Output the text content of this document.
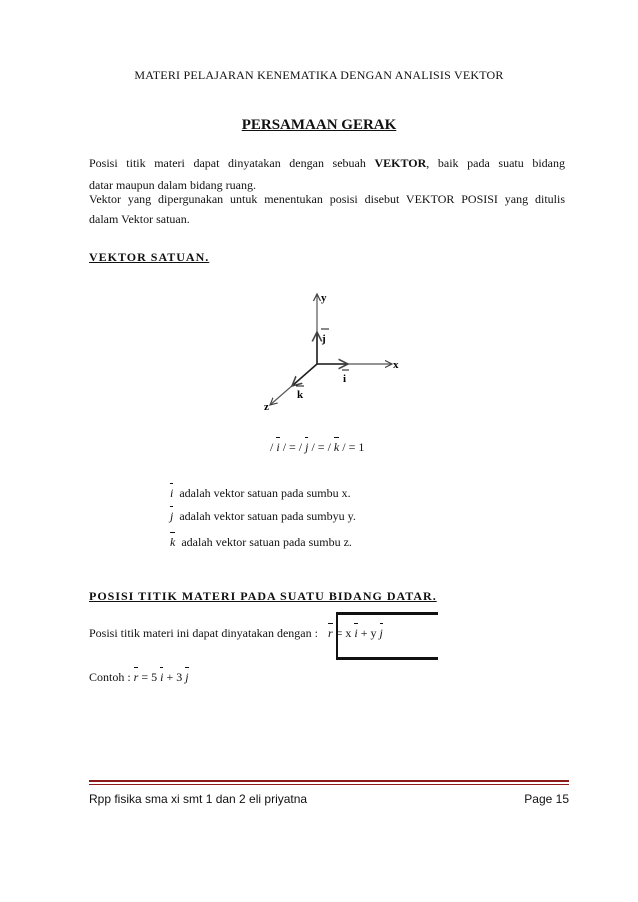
MATERI PELAJARAN KENEMATIKA DENGAN ANALISIS VEKTOR
PERSAMAAN GERAK
Posisi titik materi dapat dinyatakan dengan sebuah VEKTOR, baik pada suatu bidang
datar maupun dalam bidang ruang.
Vektor yang dipergunakan untuk menentukan posisi disebut VEKTOR POSISI yang ditulis
dalam Vektor satuan.
VEKTOR SATUAN.
y
x
z
j
i
k
/ i / = / j / = / k / = 1
i adalah vektor satuan pada sumbu x.
j adalah vektor satuan pada sumbyu y.
k adalah vektor satuan pada sumbu z.
POSISI TITIK MATERI PADA SUATU BIDANG DATAR.
Posisi titik materi ini dapat dinyatakan dengan : r = x i + y j
Contoh : r = 5 i + 3 j
Rpp fisika sma xi smt 1 dan 2 eli priyatna	Page 15
